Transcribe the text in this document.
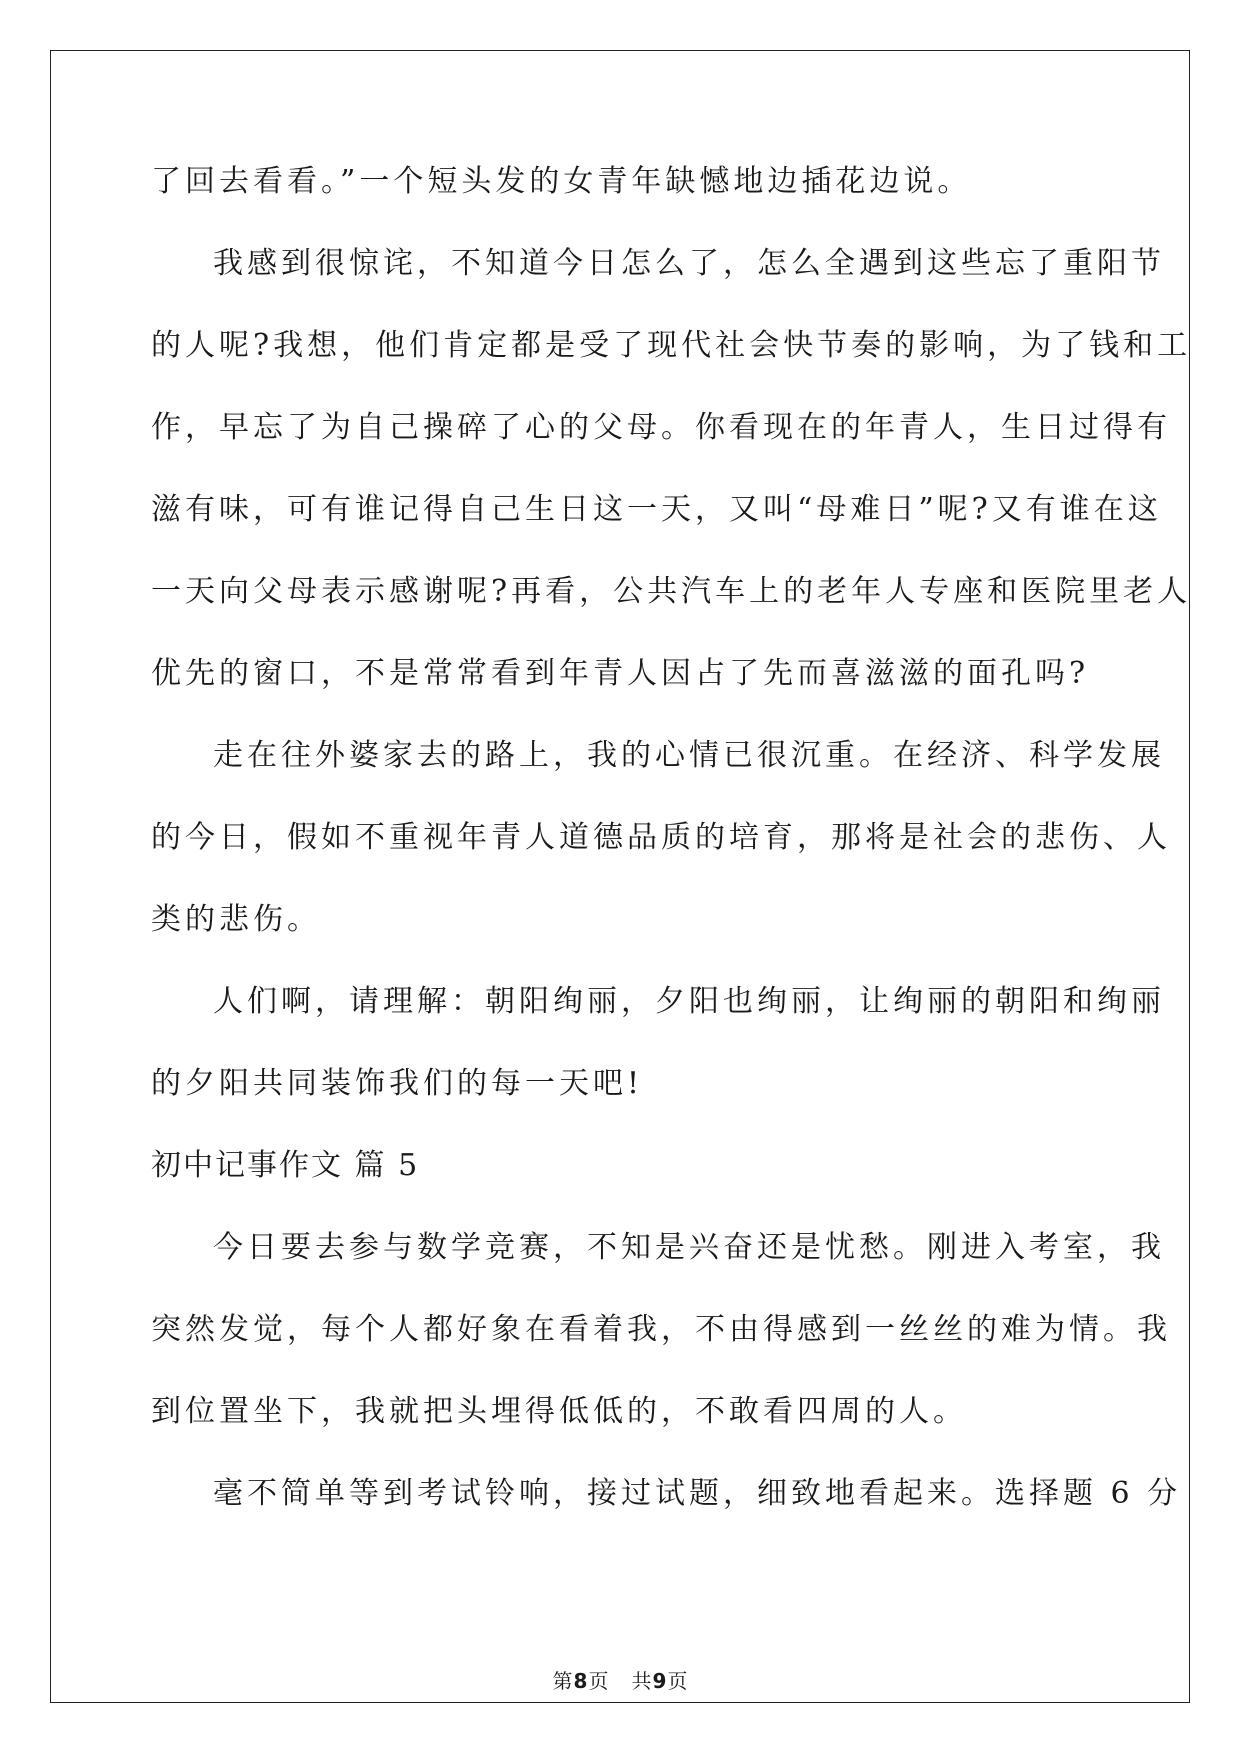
了回去看看。”一个短头发的女青年缺憾地边插花边说。
我感到很惊诧，不知道今日怎么了，怎么全遇到这些忘了重阳节
的人呢?我想，他们肯定都是受了现代社会快节奏的影响，为了钱和工
作，早忘了为自己操碎了心的父母。你看现在的年青人，生日过得有
滋有味，可有谁记得自己生日这一天，又叫“母难日”呢?又有谁在这
一天向父母表示感谢呢?再看，公共汽车上的老年人专座和医院里老人
优先的窗口，不是常常看到年青人因占了先而喜滋滋的面孔吗?
走在往外婆家去的路上，我的心情已很沉重。在经济、科学发展
的今日，假如不重视年青人道德品质的培育，那将是社会的悲伤、人
类的悲伤。
人们啊，请理解：朝阳绚丽，夕阳也绚丽，让绚丽的朝阳和绚丽
的夕阳共同装饰我们的每一天吧!
初中记事作文 篇 5
今日要去参与数学竞赛，不知是兴奋还是忧愁。刚进入考室，我
突然发觉，每个人都好象在看着我，不由得感到一丝丝的难为情。我
到位置坐下，我就把头埋得低低的，不敢看四周的人。
毫不简单等到考试铃响，接过试题，细致地看起来。选择题 6 分
第8页   共9页
